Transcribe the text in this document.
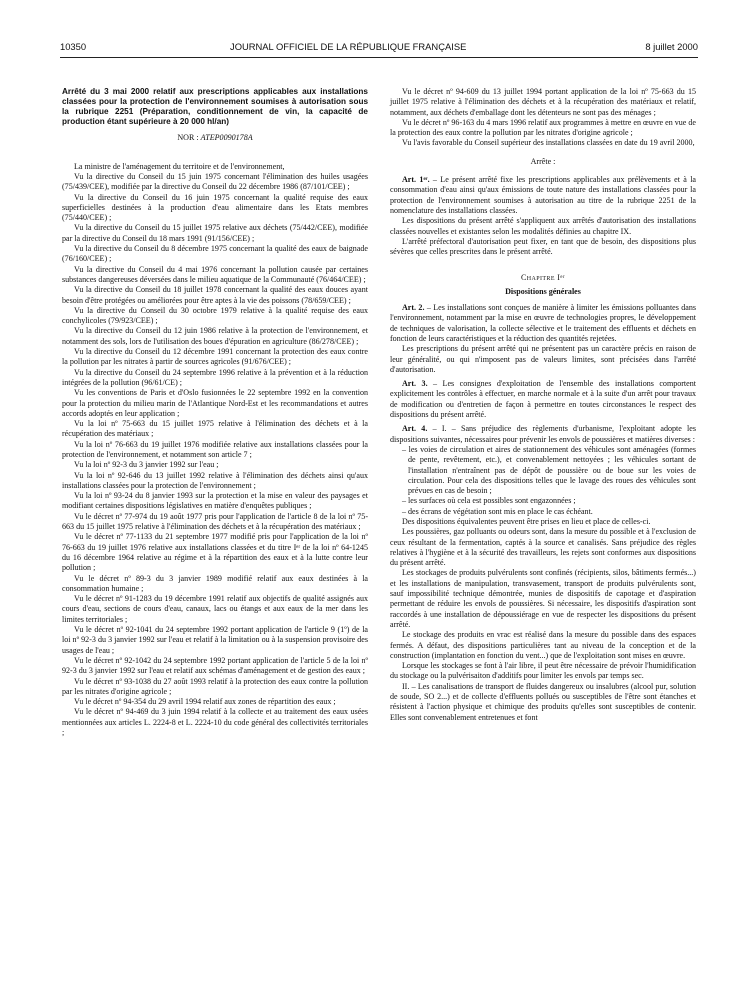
10350	JOURNAL OFFICIEL DE LA RÉPUBLIQUE FRANÇAISE	8 juillet 2000

Arrêté du 3 mai 2000 relatif aux prescriptions applicables aux installations classées pour la protection de l'environnement soumises à autorisation sous la rubrique 2251 (Préparation, conditionnement de vin, la capacité de production étant supérieure à 20 000 hl/an)

NOR : ATEP0090178A

La ministre de l'aménagement du territoire et de l'environnement,

Vu la directive du Conseil du 15 juin 1975 concernant l'élimination des huiles usagées (75/439/CEE), modifiée par la directive du Conseil du 22 décembre 1986 (87/101/CEE) ;

Vu la directive du Conseil du 16 juin 1975 concernant la qualité requise des eaux superficielles destinées à la production d'eau alimentaire dans les Etats membres (75/440/CEE) ;

Vu la directive du Conseil du 15 juillet 1975 relative aux déchets (75/442/CEE), modifiée par la directive du Conseil du 18 mars 1991 (91/156/CEE) ;

Vu la directive du Conseil du 8 décembre 1975 concernant la qualité des eaux de baignade (76/160/CEE) ;

Vu la directive du Conseil du 4 mai 1976 concernant la pollution causée par certaines substances dangereuses déversées dans le milieu aquatique de la Communauté (76/464/CEE) ;

Vu la directive du Conseil du 18 juillet 1978 concernant la qualité des eaux douces ayant besoin d'être protégées ou améliorées pour être aptes à la vie des poissons (78/659/CEE) ;

Vu la directive du Conseil du 30 octobre 1979 relative à la qualité requise des eaux conchylicoles (79/923/CEE) ;

Vu la directive du Conseil du 12 juin 1986 relative à la protection de l'environnement, et notamment des sols, lors de l'utilisation des boues d'épuration en agriculture (86/278/CEE) ;

Vu la directive du Conseil du 12 décembre 1991 concernant la protection des eaux contre la pollution par les nitrates à partir de sources agricoles (91/676/CEE) ;

Vu la directive du Conseil du 24 septembre 1996 relative à la prévention et à la réduction intégrées de la pollution (96/61/CE) ;

Vu les conventions de Paris et d'Oslo fusionnées le 22 septembre 1992 en la convention pour la protection du milieu marin de l'Atlantique Nord-Est et les recommandations et autres accords adoptés en leur application ;

Vu la loi nº 75-663 du 15 juillet 1975 relative à l'élimination des déchets et à la récupération des matériaux ;

Vu la loi nº 76-663 du 19 juillet 1976 modifiée relative aux installations classées pour la protection de l'environnement, et notamment son article 7 ;

Vu la loi nº 92-3 du 3 janvier 1992 sur l'eau ;

Vu la loi nº 92-646 du 13 juillet 1992 relative à l'élimination des déchets ainsi qu'aux installations classées pour la protection de l'environnement ;

Vu la loi nº 93-24 du 8 janvier 1993 sur la protection et la mise en valeur des paysages et modifiant certaines dispositions législatives en matière d'enquêtes publiques ;

Vu le décret nº 77-974 du 19 août 1977 pris pour l'application de l'article 8 de la loi nº 75-663 du 15 juillet 1975 relative à l'élimination des déchets et à la récupération des matériaux ;

Vu le décret nº 77-1133 du 21 septembre 1977 modifié pris pour l'application de la loi nº 76-663 du 19 juillet 1976 relative aux installations classées et du titre Iᵉʳ de la loi nº 64-1245 du 16 décembre 1964 relative au régime et à la répartition des eaux et à la lutte contre leur pollution ;

Vu le décret nº 89-3 du 3 janvier 1989 modifié relatif aux eaux destinées à la consommation humaine ;

Vu le décret nº 91-1283 du 19 décembre 1991 relatif aux objectifs de qualité assignés aux cours d'eau, sections de cours d'eau, canaux, lacs ou étangs et aux eaux de la mer dans les limites territoriales ;

Vu le décret nº 92-1041 du 24 septembre 1992 portant application de l'article 9 (1º) de la loi nº 92-3 du 3 janvier 1992 sur l'eau et relatif à la limitation ou à la suspension provisoire des usages de l'eau ;

Vu le décret nº 92-1042 du 24 septembre 1992 portant application de l'article 5 de la loi nº 92-3 du 3 janvier 1992 sur l'eau et relatif aux schémas d'aménagement et de gestion des eaux ;

Vu le décret nº 93-1038 du 27 août 1993 relatif à la protection des eaux contre la pollution par les nitrates d'origine agricole ;

Vu le décret nº 94-354 du 29 avril 1994 relatif aux zones de répartition des eaux ;

Vu le décret nº 94-469 du 3 juin 1994 relatif à la collecte et au traitement des eaux usées mentionnées aux articles L. 2224-8 et L. 2224-10 du code général des collectivités territoriales ;

Vu le décret nº 94-609 du 13 juillet 1994 portant application de la loi nº 75-663 du 15 juillet 1975 relative à l'élimination des déchets et à la récupération des matériaux et relatif, notamment, aux déchets d'emballage dont les détenteurs ne sont pas des ménages ;

Vu le décret nº 96-163 du 4 mars 1996 relatif aux programmes à mettre en œuvre en vue de la protection des eaux contre la pollution par les nitrates d'origine agricole ;

Vu l'avis favorable du Conseil supérieur des installations classées en date du 19 avril 2000,

Arrête :

Art. 1ᵉʳ. – Le présent arrêté fixe les prescriptions applicables aux prélèvements et à la consommation d'eau ainsi qu'aux émissions de toute nature des installations classées pour la protection de l'environnement soumises à autorisation au titre de la rubrique 2251 de la nomenclature des installations classées.

Les dispositions du présent arrêté s'appliquent aux arrêtés d'autorisation des installations classées nouvelles et existantes selon les modalités définies au chapitre IX.

L'arrêté préfectoral d'autorisation peut fixer, en tant que de besoin, des dispositions plus sévères que celles prescrites dans le présent arrêté.

Chapitre Iᵉʳ

Dispositions générales

Art. 2. – Les installations sont conçues de manière à limiter les émissions polluantes dans l'environnement, notamment par la mise en œuvre de technologies propres, le développement de techniques de valorisation, la collecte sélective et le traitement des effluents et déchets en fonction de leurs caractéristiques et la réduction des quantités rejetées.

Les prescriptions du présent arrêté qui ne présentent pas un caractère précis en raison de leur généralité, ou qui n'imposent pas de valeurs limites, sont précisées dans l'arrêté d'autorisation.

Art. 3. – Les consignes d'exploitation de l'ensemble des installations comportent explicitement les contrôles à effectuer, en marche normale et à la suite d'un arrêt pour travaux de modification ou d'entretien de façon à permettre en toutes circonstances le respect des dispositions du présent arrêté.

Art. 4. – I. – Sans préjudice des règlements d'urbanisme, l'exploitant adopte les dispositions suivantes, nécessaires pour prévenir les envols de poussières et matières diverses :

– les voies de circulation et aires de stationnement des véhicules sont aménagées (formes de pente, revêtement, etc.), et convenablement nettoyées ; les véhicules sortant de l'installation n'entraînent pas de dépôt de poussière ou de boue sur les voies de circulation. Pour cela des dispositions telles que le lavage des roues des véhicules sont prévues en cas de besoin ;
– les surfaces où cela est possibles sont engazonnées ;
– des écrans de végétation sont mis en place le cas échéant.

Des dispositions équivalentes peuvent être prises en lieu et place de celles-ci.

Les poussières, gaz polluants ou odeurs sont, dans la mesure du possible et à l'exclusion de ceux résultant de la fermentation, captés à la source et canalisés. Sans préjudice des règles relatives à l'hygiène et à la sécurité des travailleurs, les rejets sont conformes aux dispositions du présent arrêté.

Les stockages de produits pulvérulents sont confinés (récipients, silos, bâtiments fermés...) et les installations de manipulation, transvasement, transport de produits pulvérulents sont, sauf impossibilité technique démontrée, munies de dispositifs de capotage et d'aspiration permettant de réduire les envols de poussières. Si nécessaire, les dispositifs d'aspiration sont raccordés à une installation de dépoussiérage en vue de respecter les dispositions du présent arrêté.

Le stockage des produits en vrac est réalisé dans la mesure du possible dans des espaces fermés. A défaut, des dispositions particulières tant au niveau de la conception et de la construction (implantation en fonction du vent...) que de l'exploitation sont mises en œuvre.

Lorsque les stockages se font à l'air libre, il peut être nécessaire de prévoir l'humidification du stockage ou la pulvérisaiton d'additifs pour limiter les envols par temps sec.

II. – Les canalisations de transport de fluides dangereux ou insalubres (alcool pur, solution de soude, SO 2...) et de collecte d'effluents pollués ou susceptibles de l'être sont étanches et résistent à l'action physique et chimique des produits qu'elles sont susceptibles de contenir. Elles sont convenablement entretenues et font
